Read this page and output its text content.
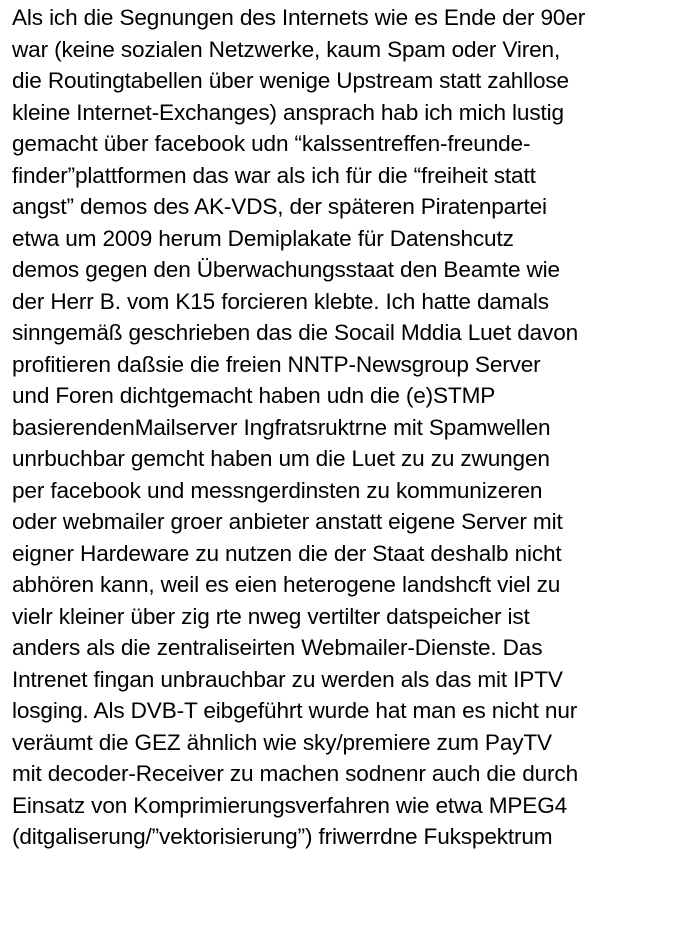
Als ich die Segnungen des Internets wie es Ende der 90er
war (keine sozialen Netzwerke, kaum Spam oder Viren,
die Routingtabellen über wenige Upstream statt zahllose
kleine Internet-Exchanges) ansprach hab ich mich lustig
gemacht über facebook udn “kalssentreffen-freunde-
finder”plattformen das war als ich für die “freiheit statt
angst” demos des AK-VDS, der späteren Piratenpartei
etwa um 2009 herum Demiplakate für Datenshcutz
demos gegen den Überwachungsstaat den Beamte wie
der Herr B. vom K15 forcieren klebte. Ich hatte damals
sinngemäß geschrieben das die Socail Mddia Luet davon
profitieren daßsie die freien NNTP-Newsgroup Server
und Foren dichtgemacht haben udn die (e)STMP
basierendenMailserver Ingfratsruktrne mit Spamwellen
unrbuchbar gemcht haben um die Luet zu zu zwungen
per facebook und messngerdinsten zu kommunizeren
oder webmailer groer anbieter anstatt eigene Server mit
eigner Hardeware zu nutzen die der Staat deshalb nicht
abhören kann, weil es eien heterogene landshcft viel zu
vielr kleiner über zig rte nweg vertilter datspeicher ist
anders als die zentraliseirten Webmailer-Dienste. Das
Intrenet fingan unbrauchbar zu werden als das mit IPTV
losging. Als DVB-T eibgeführt wurde hat man es nicht nur
veräumt die GEZ ähnlich wie sky/premiere zum PayTV
mit decoder-Receiver zu machen sodnenr auch die durch
Einsatz von Komprimierungsverfahren wie etwa MPEG4
(ditgaliserung/”vektorisierung”) friwerrdne Fukspektrum
